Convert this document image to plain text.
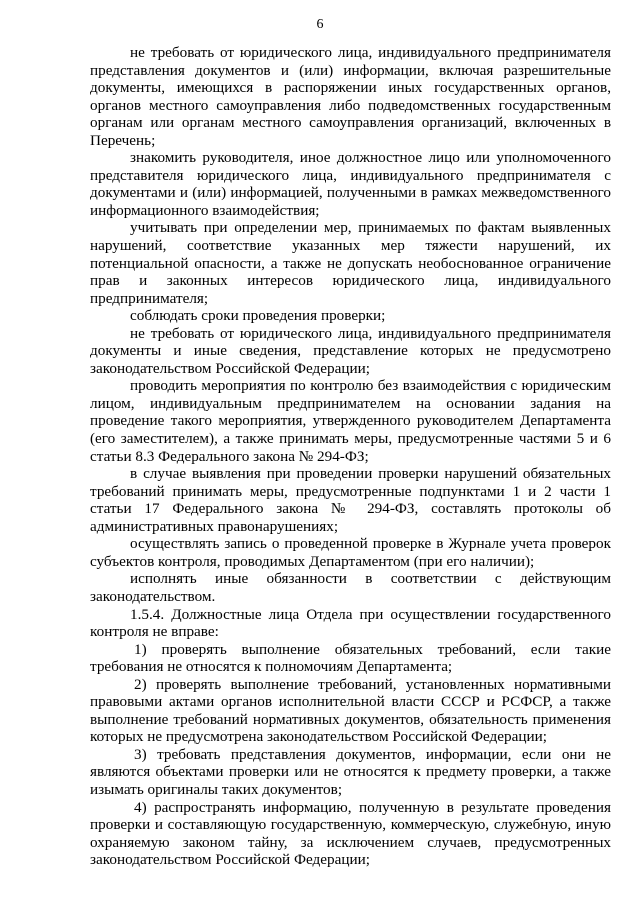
6

не требовать от юридического лица, индивидуального предпринимателя представления документов и (или) информации, включая разрешительные документы, имеющихся в распоряжении иных государственных органов, органов местного самоуправления либо подведомственных государственным органам или органам местного самоуправления организаций, включенных в Перечень;

знакомить руководителя, иное должностное лицо или уполномоченного представителя юридического лица, индивидуального предпринимателя с документами и (или) информацией, полученными в рамках межведомственного информационного взаимодействия;

учитывать при определении мер, принимаемых по фактам выявленных нарушений, соответствие указанных мер тяжести нарушений, их потенциальной опасности, а также не допускать необоснованное ограничение прав и законных интересов юридического лица, индивидуального предпринимателя;

соблюдать сроки проведения проверки;

не требовать от юридического лица, индивидуального предпринимателя документы и иные сведения, представление которых не предусмотрено законодательством Российской Федерации;

проводить мероприятия по контролю без взаимодействия с юридическим лицом, индивидуальным предпринимателем на основании задания на проведение такого мероприятия, утвержденного руководителем Департамента (его заместителем), а также принимать меры, предусмотренные частями 5 и 6 статьи 8.3 Федерального закона № 294-ФЗ;

в случае выявления при проведении проверки нарушений обязательных требований принимать меры, предусмотренные подпунктами 1 и 2 части 1 статьи 17 Федерального закона № 294-ФЗ, составлять протоколы об административных правонарушениях;

осуществлять запись о проведенной проверке в Журнале учета проверок субъектов контроля, проводимых Департаментом (при его наличии);

исполнять иные обязанности в соответствии с действующим законодательством.

1.5.4. Должностные лица Отдела при осуществлении государственного контроля не вправе:

1) проверять выполнение обязательных требований, если такие требования не относятся к полномочиям Департамента;

2) проверять выполнение требований, установленных нормативными правовыми актами органов исполнительной власти СССР и РСФСР, а также выполнение требований нормативных документов, обязательность применения которых не предусмотрена законодательством Российской Федерации;

3) требовать представления документов, информации, если они не являются объектами проверки или не относятся к предмету проверки, а также изымать оригиналы таких документов;

4) распространять информацию, полученную в результате проведения проверки и составляющую государственную, коммерческую, служебную, иную охраняемую законом тайну, за исключением случаев, предусмотренных законодательством Российской Федерации;
